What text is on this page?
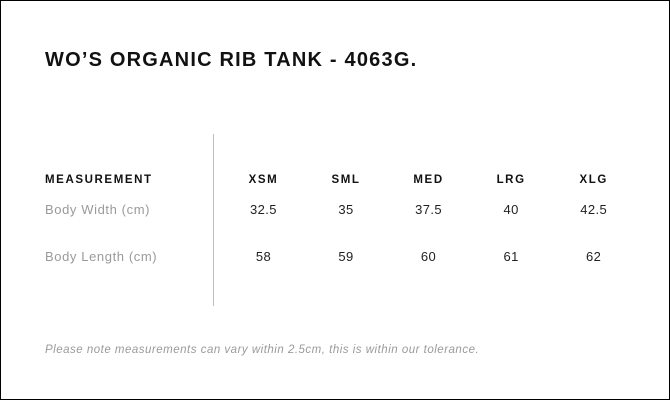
WO’S ORGANIC RIB TANK - 4063G.
MEASUREMENT	XSM	SML	MED	LRG	XLG
Body Width (cm)	32.5	35	37.5	40	42.5
Body Length (cm)	58	59	60	61	62
Please note measurements can vary within 2.5cm, this is within our tolerance.
